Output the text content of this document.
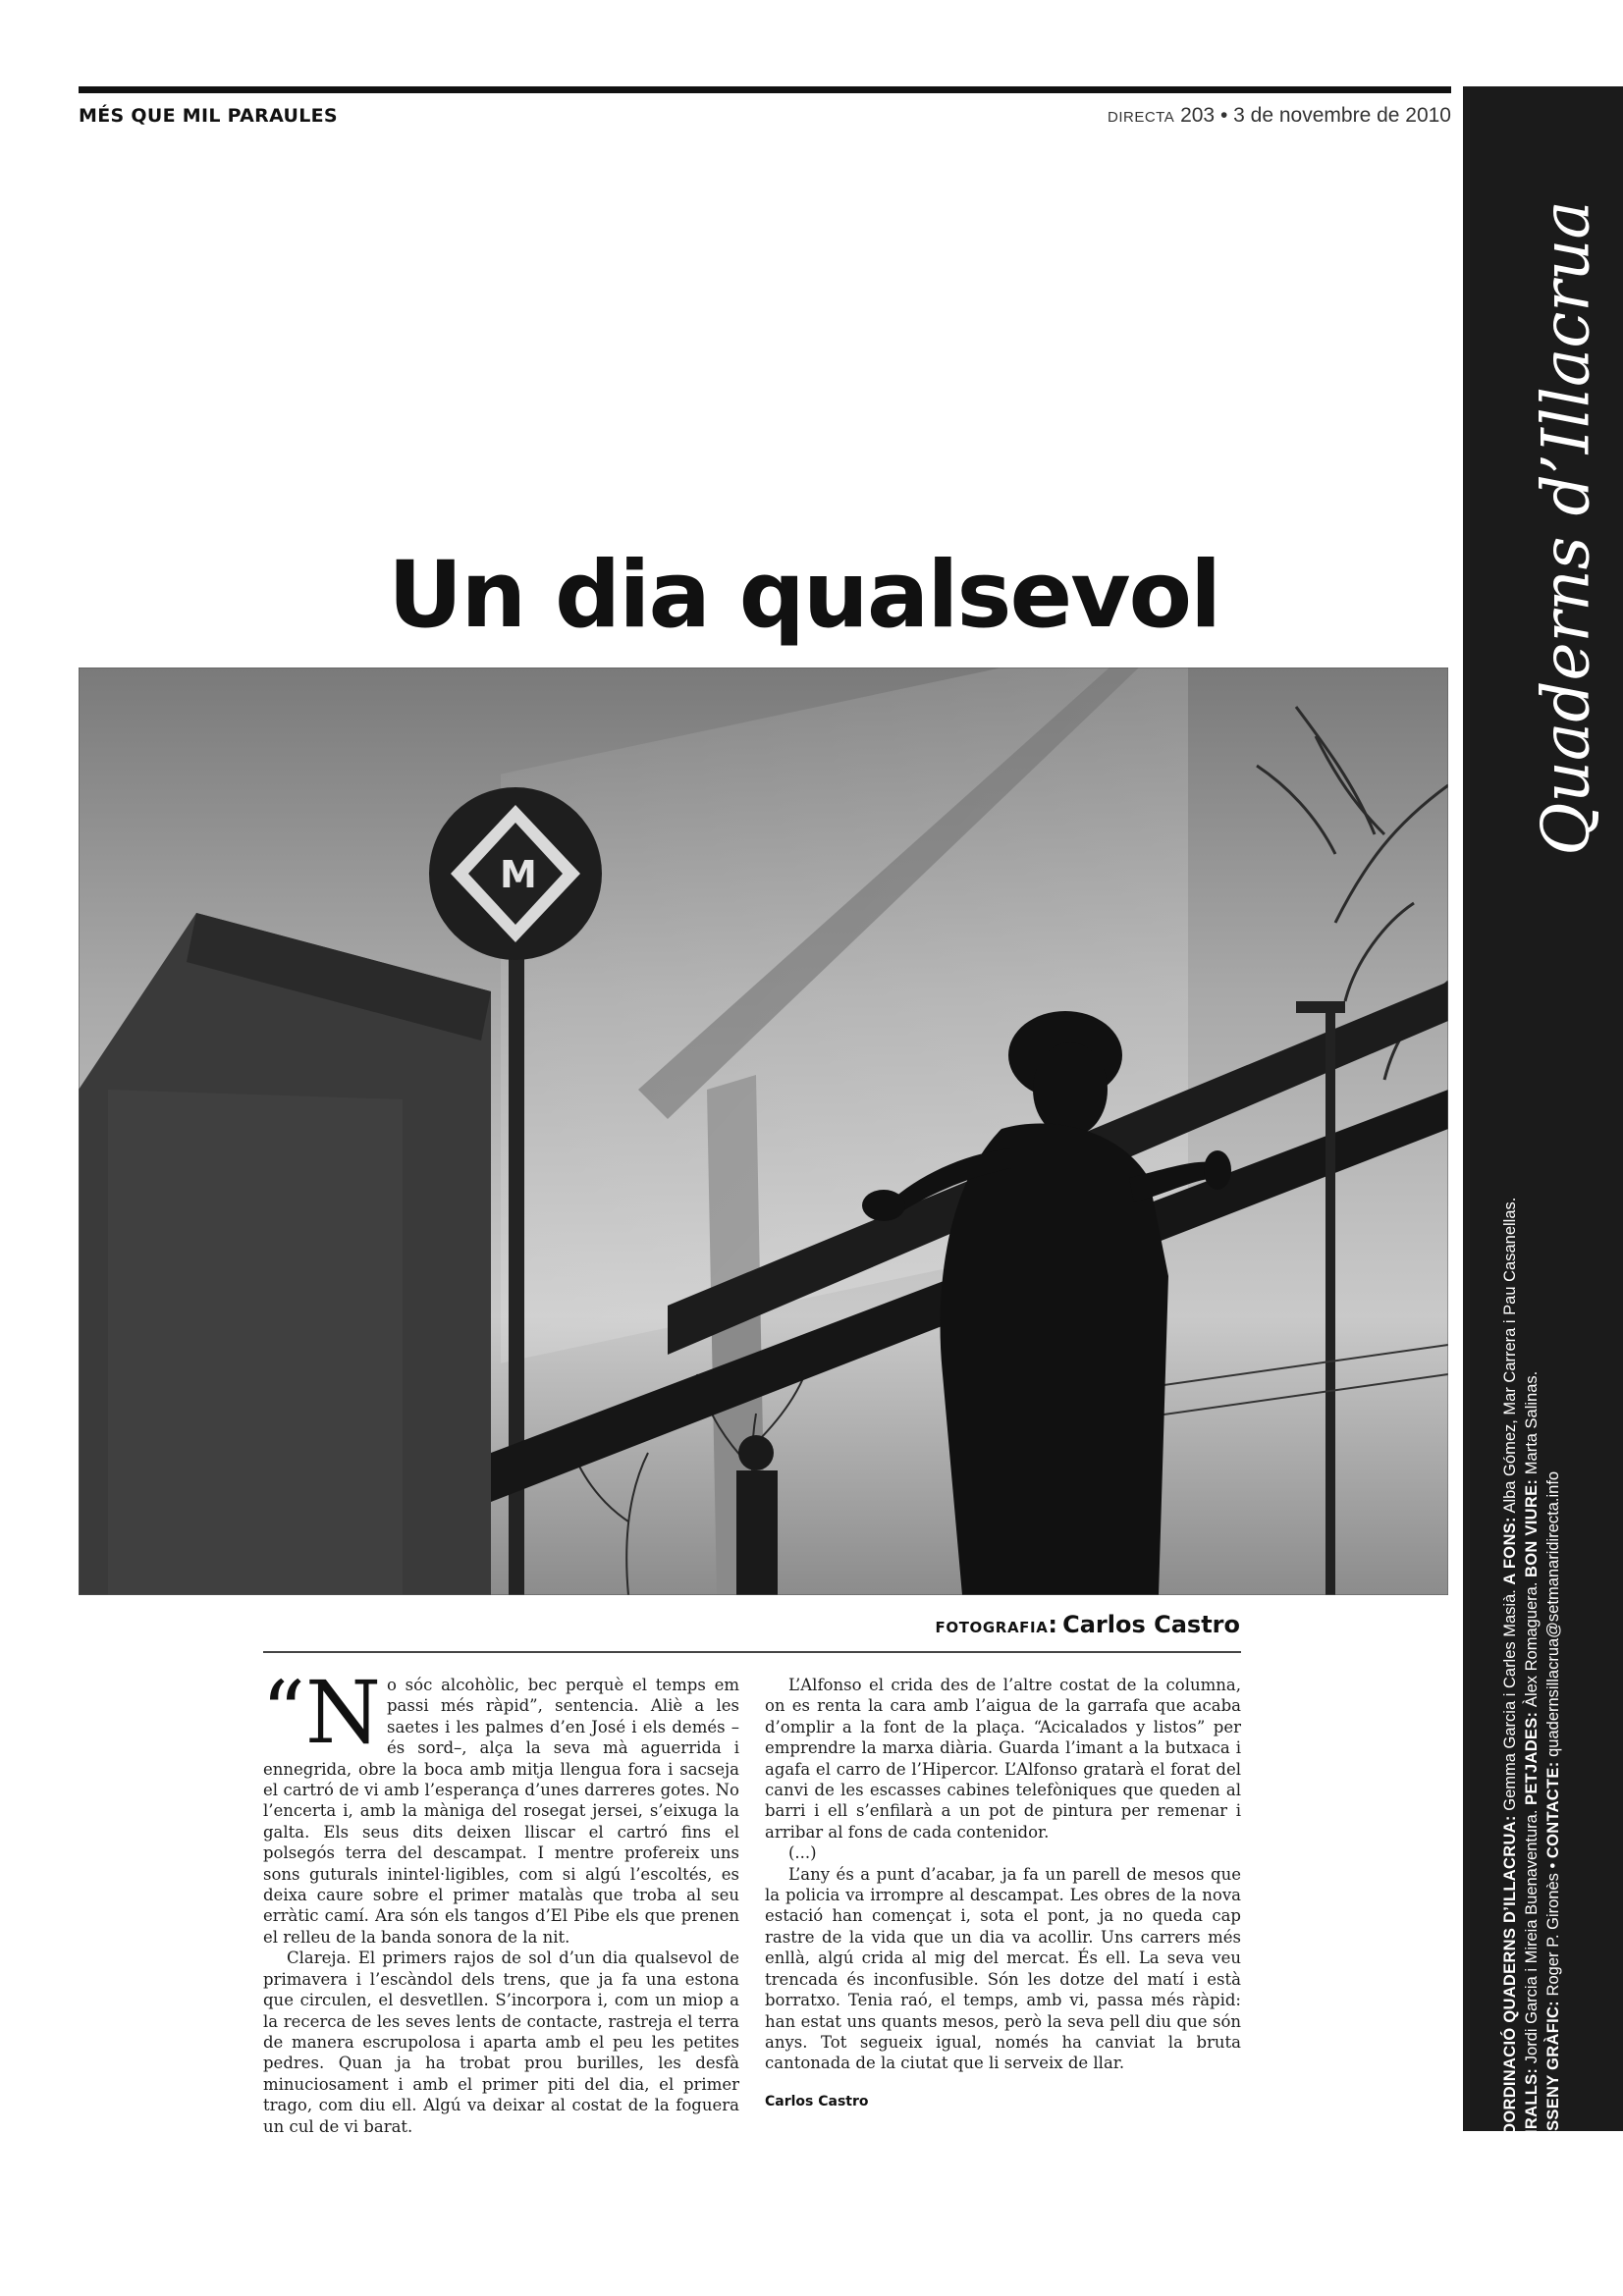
MÉS QUE MIL PARAULES	DIRECTA 203 • 3 de novembre de 2010
Un dia qualsevol
M
FOTOGRAFIA: Carlos Castro

“N o sóc alcohòlic, bec perquè el temps em passi més ràpid”, sentencia. Aliè a les saetes i les palmes d’en José i els demés –és sord–, alça la seva mà aguerrida i ennegrida, obre la boca amb mitja llengua fora i sacseja el cartró de vi amb l’esperança d’unes darreres gotes. No l’encerta i, amb la màniga del rosegat jersei, s’eixuga la galta. Els seus dits deixen lliscar el cartró fins el polsegós terra del descampat. I mentre profereix uns sons guturals inintel·ligibles, com si algú l’escoltés, es deixa caure sobre el primer matalàs que troba al seu erràtic camí. Ara són els tangos d’El Pibe els que prenen el relleu de la banda sonora de la nit.

Clareja. El primers rajos de sol d’un dia qualsevol de primavera i l’escàndol dels trens, que ja fa una estona que circulen, el desvetllen. S’incorpora i, com un miop a la recerca de les seves lents de contacte, rastreja el terra de manera escrupolosa i aparta amb el peu les petites pedres. Quan ja ha trobat prou burilles, les desfà minuciosament i amb el primer piti del dia, el primer trago, com diu ell. Algú va deixar al costat de la foguera un cul de vi barat.

L’Alfonso el crida des de l’altre costat de la columna, on es renta la cara amb l’aigua de la garrafa que acaba d’omplir a la font de la plaça. “Acicalados y listos” per emprendre la marxa diària. Guarda l’imant a la butxaca i agafa el carro de l’Hipercor. L’Alfonso gratarà el forat del canvi de les escasses cabines telefòniques que queden al barri i ell s’enfilarà a un pot de pintura per remenar i arribar al fons de cada contenidor.

(...)

L’any és a punt d’acabar, ja fa un parell de mesos que la policia va irrompre al descampat. Les obres de la nova estació han començat i, sota el pont, ja no queda cap rastre de la vida que un dia va acollir. Uns carrers més enllà, algú crida al mig del mercat. És ell. La seva veu trencada és inconfusible. Són les dotze del matí i està borratxo. Tenia raó, el temps, amb vi, passa més ràpid: han estat uns quants mesos, però la seva pell diu que són anys. Tot segueix igual, només ha canviat la bruta cantonada de la ciutat que li serveix de llar.

Carlos Castro
Quaderns d’Illacrua
COORDINACIÓ QUADERNS D’ILLACRUA: Gemma Garcia i Carles Masià. A FONS: Alba Gómez, Mar Carrera i Pau Casanellas.
MIRALLS: Jordi Garcia i Mireia Buenaventura. PETJADES: Àlex Romaguera. BON VIURE: Marta Salinas.
DISSENY GRÀFIC: Roger P. Gironès • CONTACTE: quadernsillacrua@setmanaridirecta.info
